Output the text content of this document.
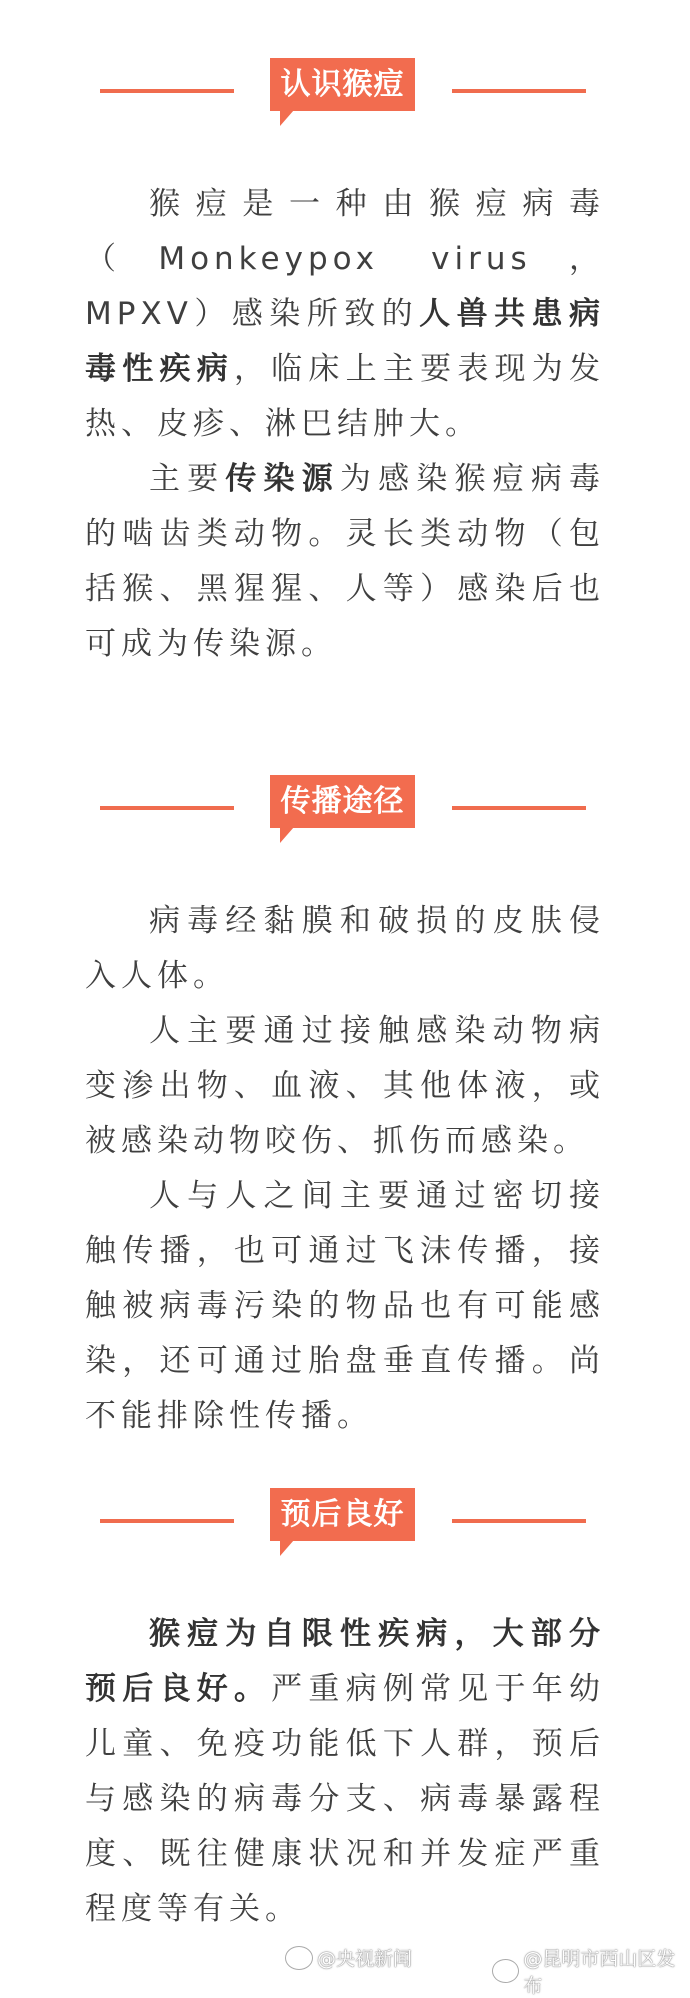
认识猴痘

猴痘是一种由猴痘病毒（Monkeypox virus，MPXV）感染所致的人兽共患病毒性疾病，临床上主要表现为发热、皮疹、淋巴结肿大。

主要传染源为感染猴痘病毒的啮齿类动物。灵长类动物（包括猴、黑猩猩、人等）感染后也可成为传染源。

传播途径

病毒经黏膜和破损的皮肤侵入人体。

人主要通过接触感染动物病变渗出物、血液、其他体液，或被感染动物咬伤、抓伤而感染。

人与人之间主要通过密切接触传播，也可通过飞沫传播，接触被病毒污染的物品也有可能感染，还可通过胎盘垂直传播。尚不能排除性传播。

预后良好

猴痘为自限性疾病，大部分预后良好。严重病例常见于年幼儿童、免疫功能低下人群，预后与感染的病毒分支、病毒暴露程度、既往健康状况和并发症严重程度等有关。

@央视新闻	@昆明市西山区发布
